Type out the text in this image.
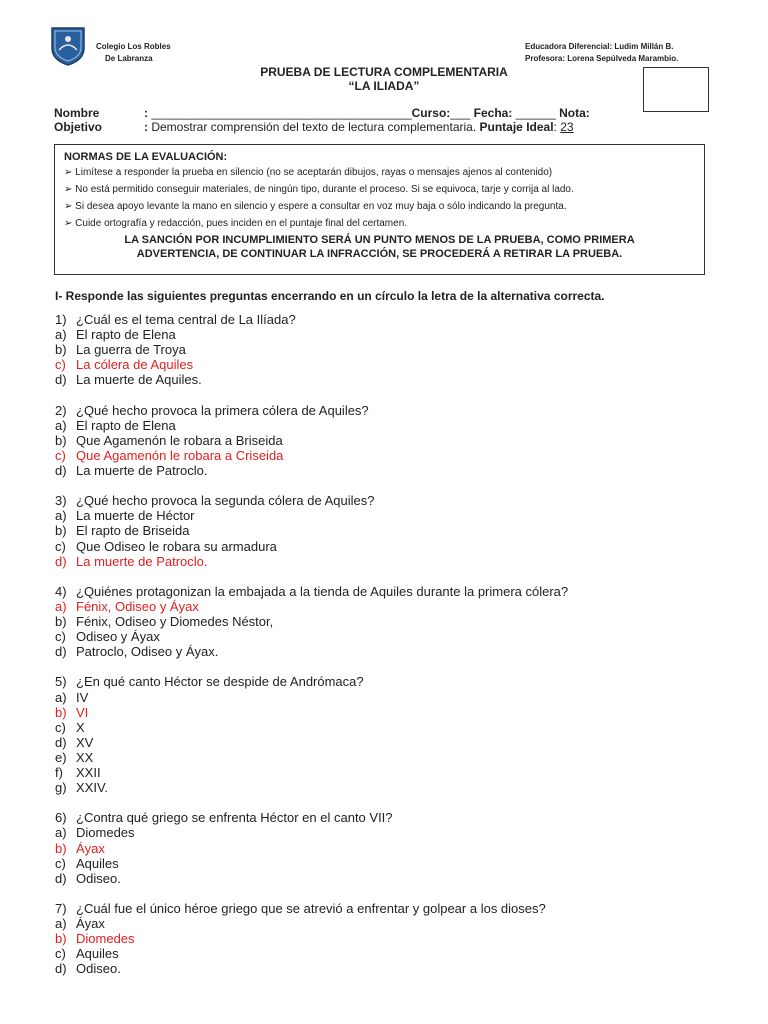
Colegio Los Robles
De Labranza
Educadora Diferencial: Ludim Millán B.
Profesora: Lorena Sepúlveda Marambio.
PRUEBA DE LECTURA COMPLEMENTARIA
“LA ILIADA”
Nombre	: _______________________________________Curso:___ Fecha: ______ Nota:
Objetivo	: Demostrar comprensión del texto de lectura complementaria. Puntaje Ideal: 23
NORMAS DE LA EVALUACIÓN:
➢ Limítese a responder la prueba en silencio (no se aceptarán dibujos, rayas o mensajes ajenos al contenido)
➢ No está permitido conseguir materiales, de ningún tipo, durante el proceso. Si se equivoca, tarje y corrija al lado.
➢ Si desea apoyo levante la mano en silencio y espere a consultar en voz muy baja o sólo indicando la pregunta.
➢ Cuide ortografía y redacción, pues inciden en el puntaje final del certamen.
LA SANCIÓN POR INCUMPLIMIENTO SERÁ UN PUNTO MENOS DE LA PRUEBA, COMO PRIMERA
ADVERTENCIA, DE CONTINUAR LA INFRACCIÓN, SE PROCEDERÁ A RETIRAR LA PRUEBA.
I- Responde las siguientes preguntas encerrando en un círculo la letra de la alternativa correcta.
1) ¿Cuál es el tema central de La Ilíada?
a) El rapto de Elena
b) La guerra de Troya
c) La cólera de Aquiles
d) La muerte de Aquiles.
2) ¿Qué hecho provoca la primera cólera de Aquiles?
a) El rapto de Elena
b) Que Agamenón le robara a Briseida
c) Que Agamenón le robara a Criseida
d) La muerte de Patroclo.
3) ¿Qué hecho provoca la segunda cólera de Aquiles?
a) La muerte de Héctor
b) El rapto de Briseida
c) Que Odiseo le robara su armadura
d) La muerte de Patroclo.
4) ¿Quiénes protagonizan la embajada a la tienda de Aquiles durante la primera cólera?
a) Fénix, Odiseo y Áyax
b) Fénix, Odiseo y Diomedes Néstor,
c) Odiseo y Áyax
d) Patroclo, Odiseo y Áyax.
5) ¿En qué canto Héctor se despide de Andrómaca?
a) IV
b) VI
c) X
d) XV
e) XX
f) XXII
g) XXIV.
6) ¿Contra qué griego se enfrenta Héctor en el canto VII?
a) Diomedes
b) Áyax
c) Aquiles
d) Odiseo.
7) ¿Cuál fue el único héroe griego que se atrevió a enfrentar y golpear a los dioses?
a) Áyax
b) Diomedes
c) Aquiles
d) Odiseo.
